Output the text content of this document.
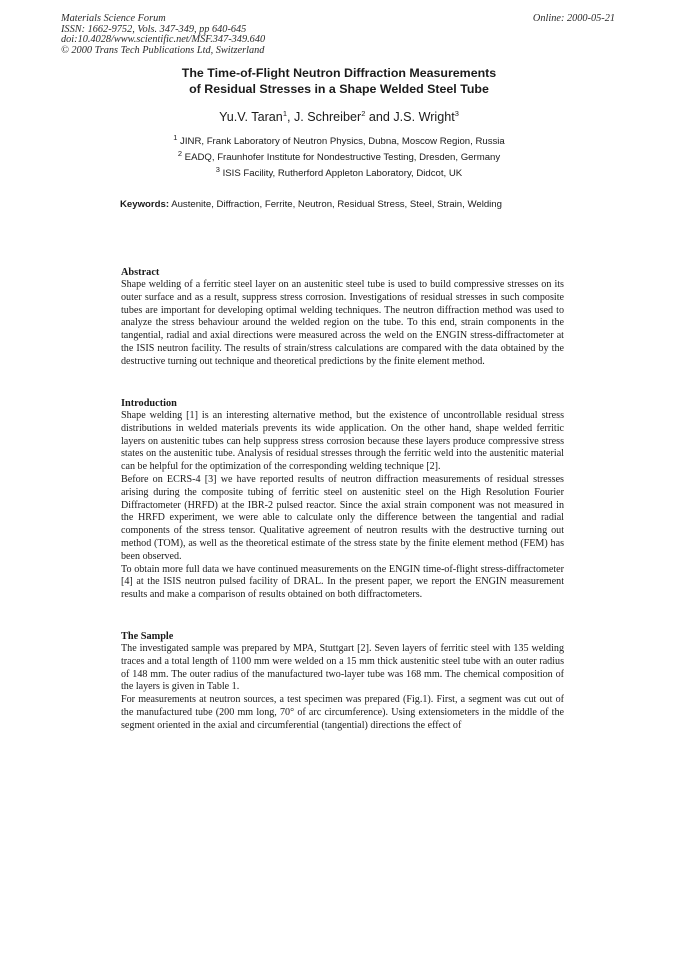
Materials Science Forum
ISSN: 1662-9752, Vols. 347-349, pp 640-645
doi:10.4028/www.scientific.net/MSF.347-349.640
© 2000 Trans Tech Publications Ltd, Switzerland
Online: 2000-05-21
The Time-of-Flight Neutron Diffraction Measurements
of Residual Stresses in a Shape Welded Steel Tube
Yu.V. Taran$^1$, J. Schreiber$^2$ and J.S. Wright$^3$
$^1$ JINR, Frank Laboratory of Neutron Physics, Dubna, Moscow Region, Russia
$^2$ EADQ, Fraunhofer Institute for Nondestructive Testing, Dresden, Germany
$^3$ ISIS Facility, Rutherford Appleton Laboratory, Didcot, UK
Keywords: Austenite, Diffraction, Ferrite, Neutron, Residual Stress, Steel, Strain, Welding
Abstract

Shape welding of a ferritic steel layer on an austenitic steel tube is used to build compressive stresses on its outer surface and as a result, suppress stress corrosion. Investigations of residual stresses in such composite tubes are important for developing optimal welding techniques. The neutron diffraction method was used to analyze the stress behaviour around the welded region on the tube. To this end, strain components in the tangential, radial and axial directions were measured across the weld on the ENGIN stress-diffractometer at the ISIS neutron facility. The results of strain/stress calculations are compared with the data obtained by the destructive turning out technique and theoretical predictions by the finite element method.

Introduction

Shape welding [1] is an interesting alternative method, but the existence of uncontrollable residual stress distributions in welded materials prevents its wide application. On the other hand, shape welded ferritic layers on austenitic tubes can help suppress stress corrosion because these layers produce compressive stress states on the austenitic tube. Analysis of residual stresses through the ferritic weld into the austenitic material can be helpful for the optimization of the corresponding welding technique [2].

Before on ECRS-4 [3] we have reported results of neutron diffraction measurements of residual stresses arising during the composite tubing of ferritic steel on austenitic steel on the High Resolution Fourier Diffractometer (HRFD) at the IBR-2 pulsed reactor. Since the axial strain component was not measured in the HRFD experiment, we were able to calculate only the difference between the tangential and radial components of the stress tensor. Qualitative agreement of neutron results with the destructive turning out method (TOM), as well as the theoretical estimate of the stress state by the finite element method (FEM) has been observed.

To obtain more full data we have continued measurements on the ENGIN time-of-flight stress-diffractometer [4] at the ISIS neutron pulsed facility of DRAL. In the present paper, we report the ENGIN measurement results and make a comparison of results obtained on both diffractometers.

The Sample

The investigated sample was prepared by MPA, Stuttgart [2]. Seven layers of ferritic steel with 135 welding traces and a total length of 1100 mm were welded on a 15 mm thick austenitic steel tube with an outer radius of 148 mm. The outer radius of the manufactured two-layer tube was 168 mm. The chemical composition of the layers is given in Table 1.

For measurements at neutron sources, a test specimen was prepared (Fig.1). First, a segment was cut out of the manufactured tube (200 mm long, 70° of arc circumference). Using extensiometers in the middle of the segment oriented in the axial and circumferential (tangential) directions the effect of
